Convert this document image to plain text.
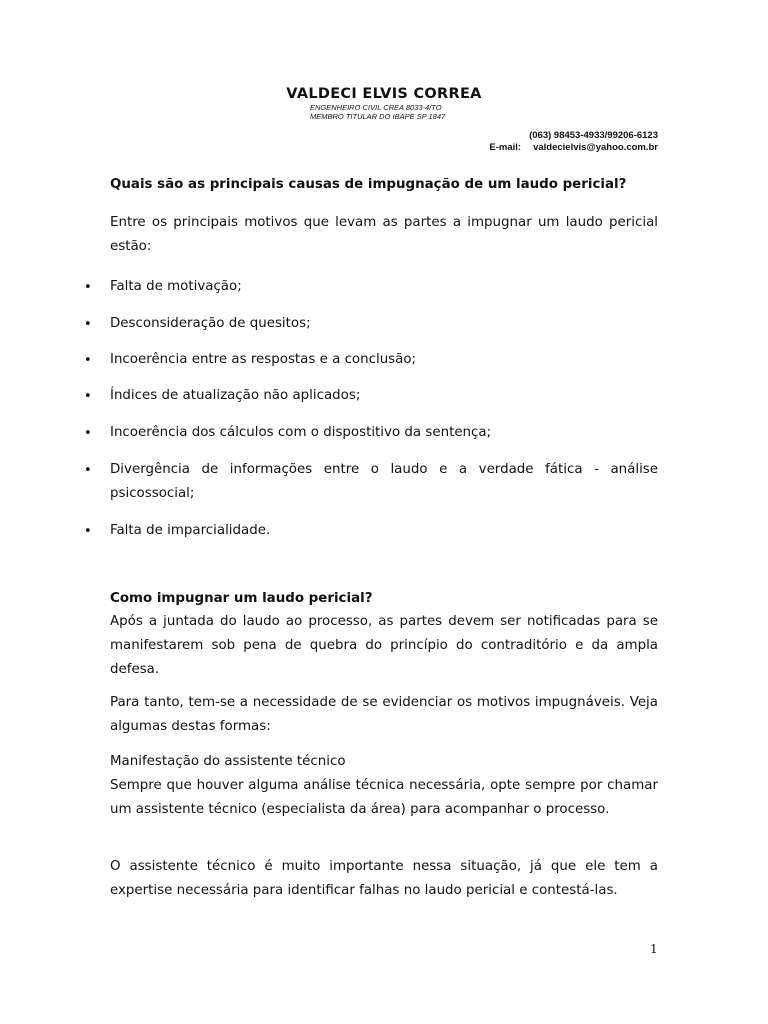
VALDECI ELVIS CORREA
ENGENHEIRO CIVIL CREA 8033-4/TO
MEMBRO TITULAR DO IBAPE SP 1847
(063) 98453-4933/99206-6123
E-mail: valdecielvis@yahoo.com.br
Quais são as principais causas de impugnação de um laudo pericial?
Entre os principais motivos que levam as partes a impugnar um laudo pericial estão:
• Falta de motivação;
• Desconsideração de quesitos;
• Incoerência entre as respostas e a conclusão;
• Índices de atualização não aplicados;
• Incoerência dos cálculos com o dispostitivo da sentença;
• Divergência de informações entre o laudo e a verdade fática - análise psicossocial;
• Falta de imparcialidade.
Como impugnar um laudo pericial?
Após a juntada do laudo ao processo, as partes devem ser notificadas para se manifestarem sob pena de quebra do princípio do contraditório e da ampla defesa.
Para tanto, tem-se a necessidade de se evidenciar os motivos impugnáveis. Veja algumas destas formas:
Manifestação do assistente técnico
Sempre que houver alguma análise técnica necessária, opte sempre por chamar um assistente técnico (especialista da área) para acompanhar o processo.
O assistente técnico é muito importante nessa situação, já que ele tem a expertise necessária para identificar falhas no laudo pericial e contestá-las.
1
